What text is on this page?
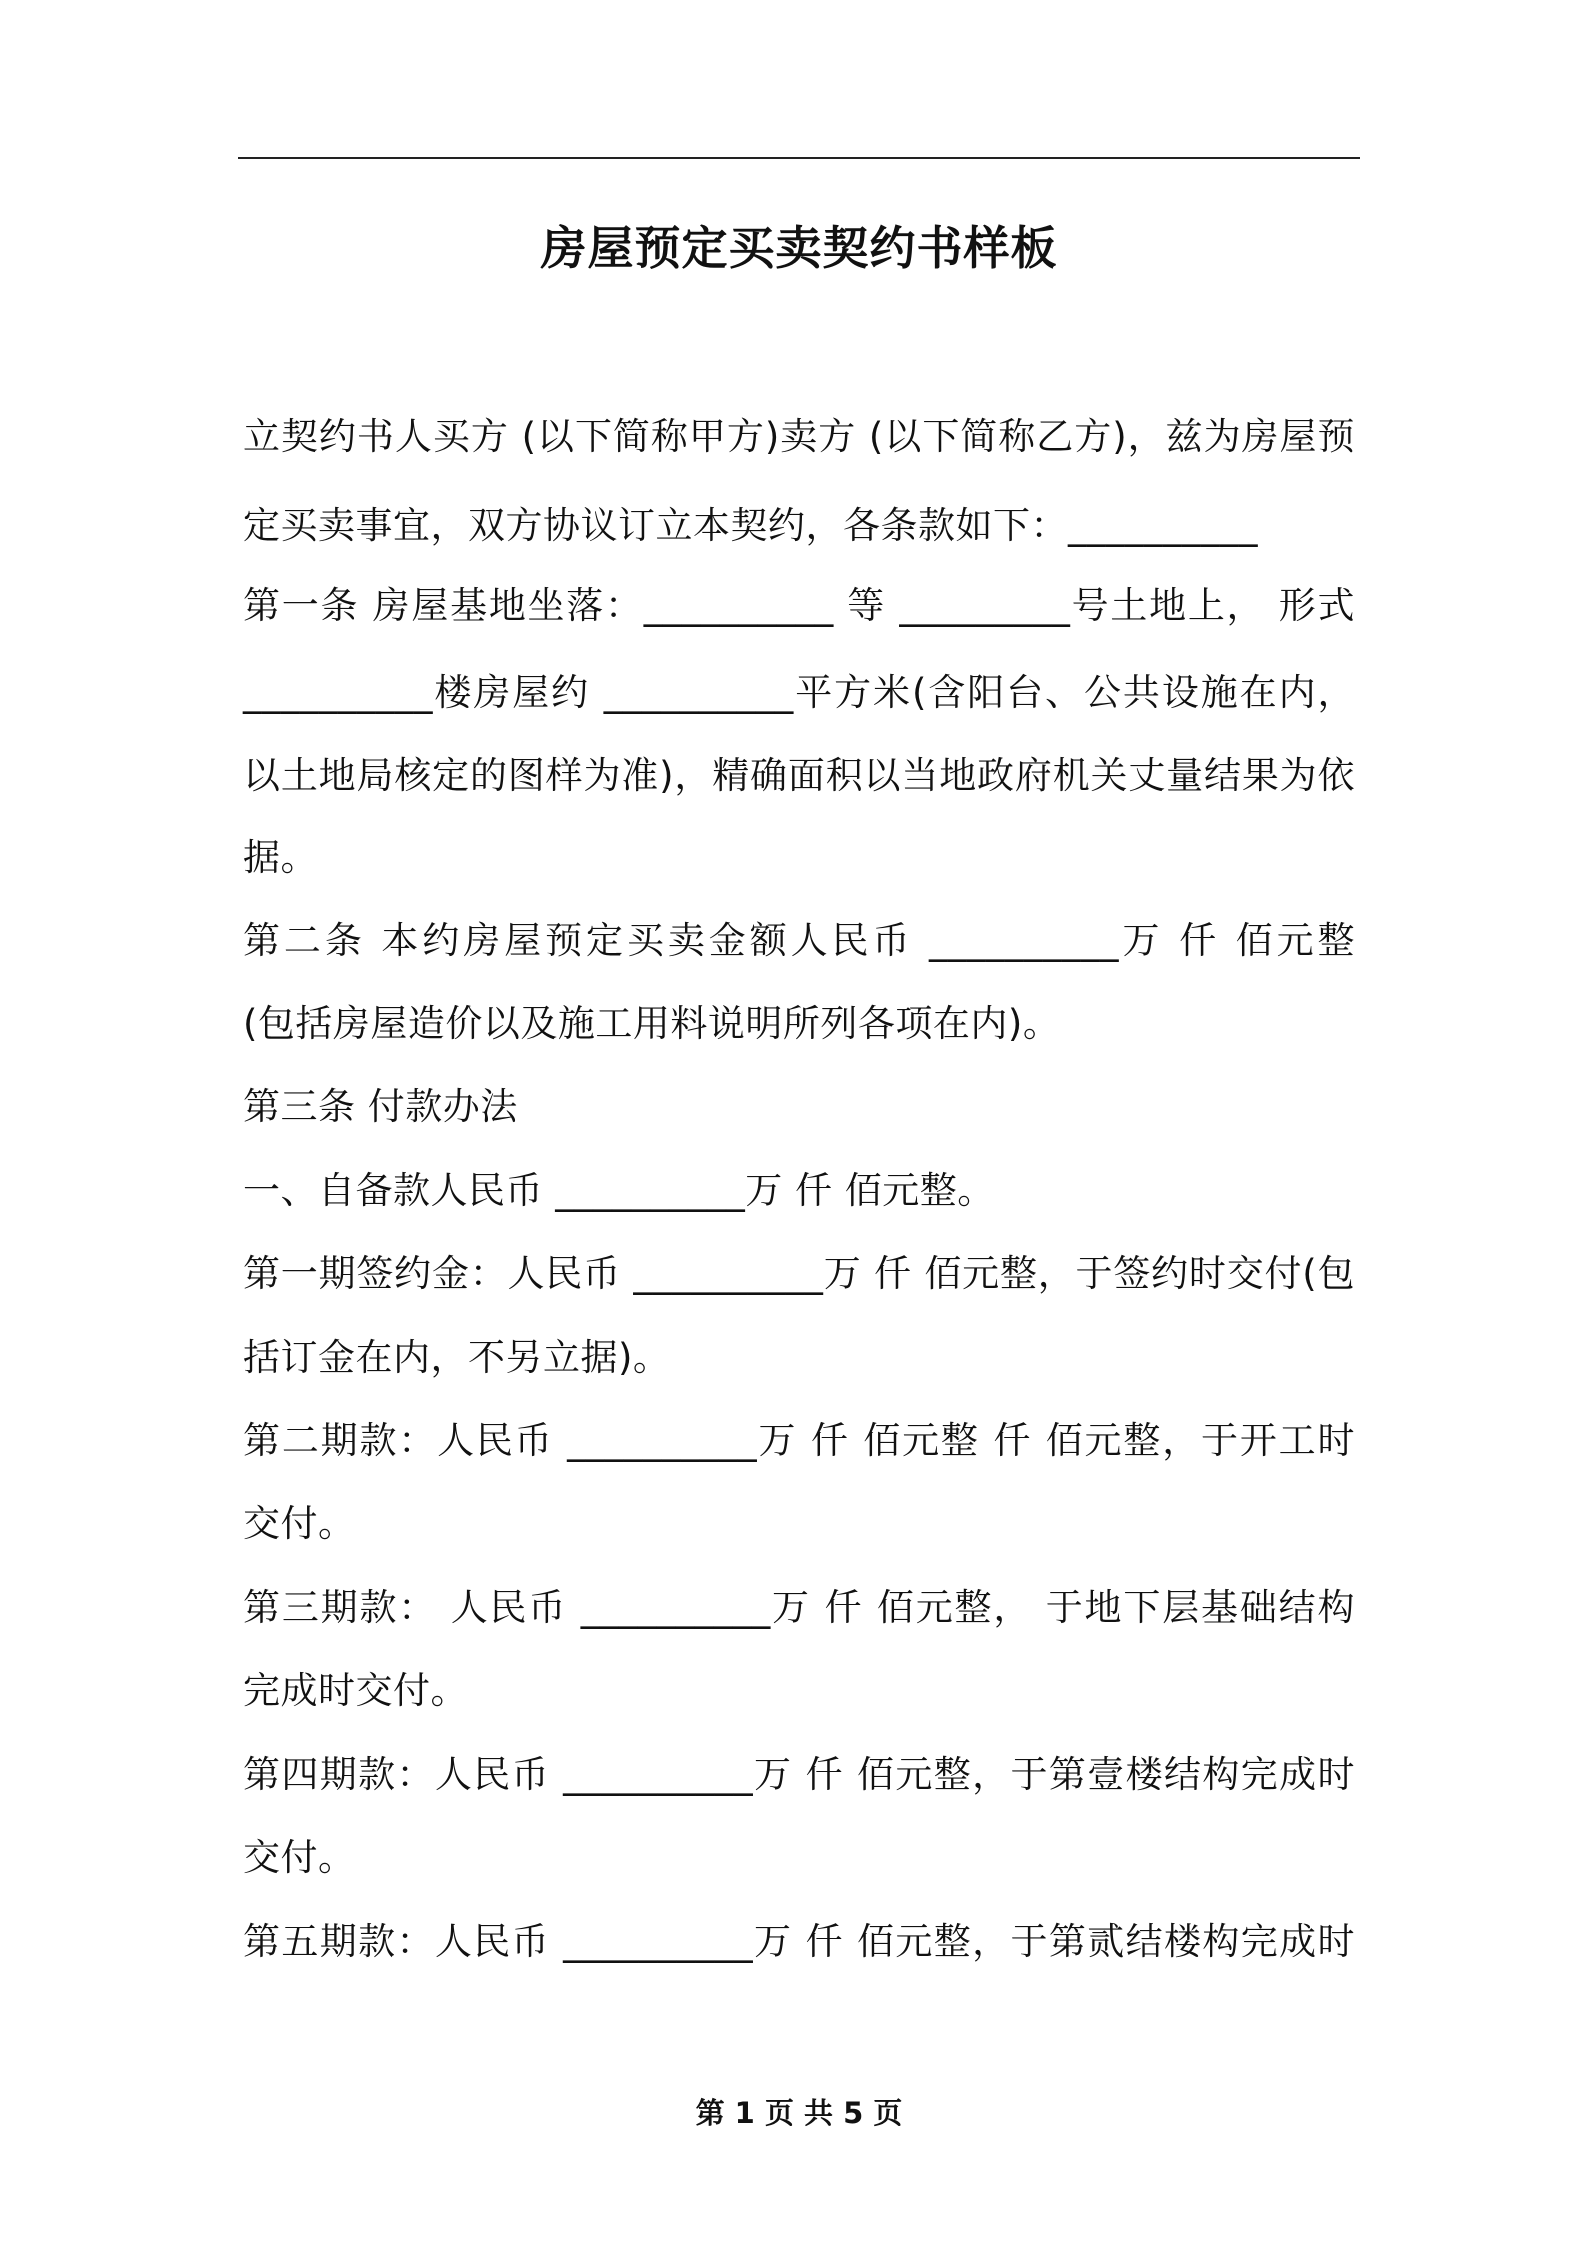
房屋预定买卖契约书样板
立契约书人买方 (以下简称甲方)卖方 (以下简称乙方)，兹为房屋预
定买卖事宜，双方协议订立本契约，各条款如下：__________
第一条 房屋基地坐落：__________ 等 _________号土地上， 形式
__________楼房屋约 __________平方米(含阳台、公共设施在内，
以土地局核定的图样为准)，精确面积以当地政府机关丈量结果为依
据。
第二条 本约房屋预定买卖金额人民币 __________万 仟 佰元整
(包括房屋造价以及施工用料说明所列各项在内)。
第三条 付款办法
一、自备款人民币 __________万 仟 佰元整。
第一期签约金：人民币 __________万 仟 佰元整，于签约时交付(包
括订金在内，不另立据)。
第二期款：人民币 __________万 仟 佰元整 仟 佰元整，于开工时
交付。
第三期款： 人民币 __________万 仟 佰元整， 于地下层基础结构
完成时交付。
第四期款：人民币 __________万 仟 佰元整，于第壹楼结构完成时
交付。
第五期款：人民币 __________万 仟 佰元整，于第贰结楼构完成时
第 1 页 共 5 页
